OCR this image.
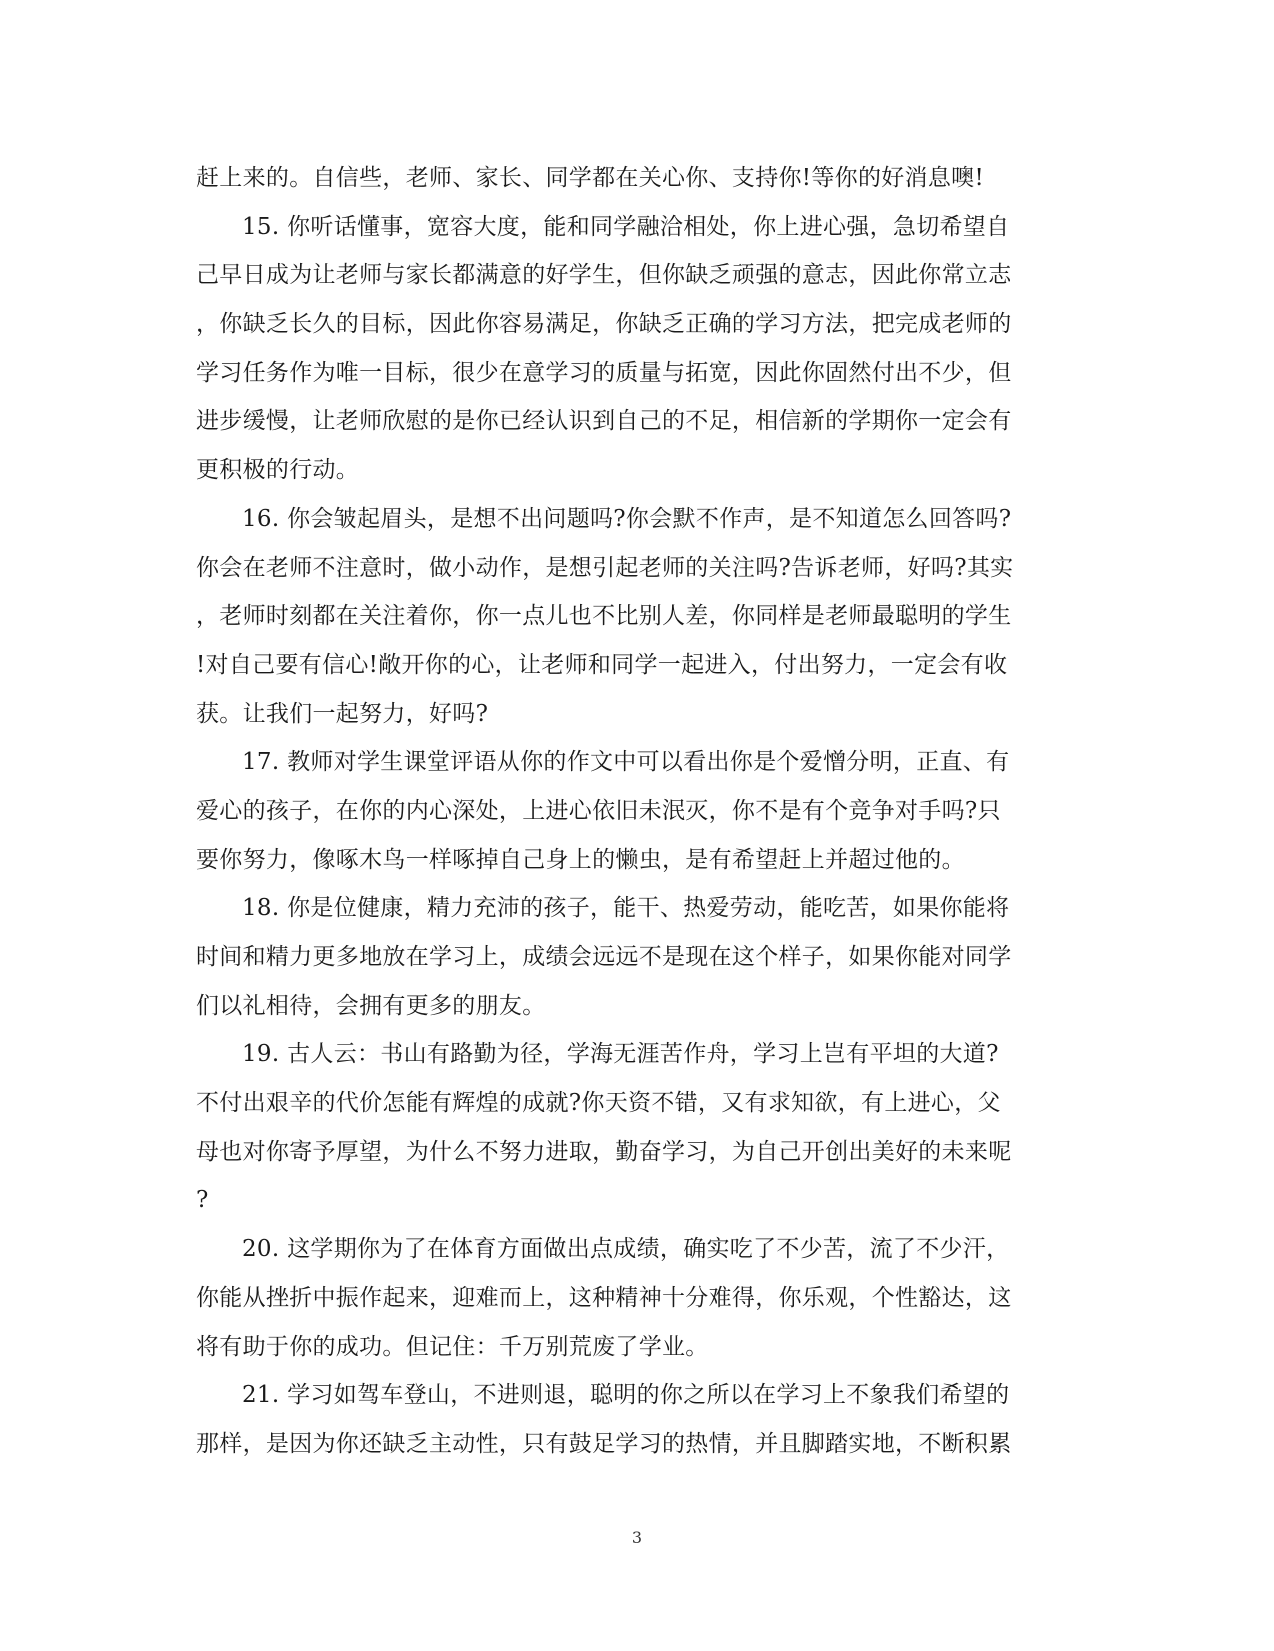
赶上来的。自信些，老师、家长、同学都在关心你、支持你!等你的好消息噢!
15. 你听话懂事，宽容大度，能和同学融洽相处，你上进心强，急切希望自
己早日成为让老师与家长都满意的好学生，但你缺乏顽强的意志，因此你常立志
，你缺乏长久的目标，因此你容易满足，你缺乏正确的学习方法，把完成老师的
学习任务作为唯一目标，很少在意学习的质量与拓宽，因此你固然付出不少，但
进步缓慢，让老师欣慰的是你已经认识到自己的不足，相信新的学期你一定会有
更积极的行动。
16. 你会皱起眉头，是想不出问题吗?你会默不作声，是不知道怎么回答吗?
你会在老师不注意时，做小动作，是想引起老师的关注吗?告诉老师，好吗?其实
，老师时刻都在关注着你，你一点儿也不比别人差，你同样是老师最聪明的学生
!对自己要有信心!敞开你的心，让老师和同学一起进入，付出努力，一定会有收
获。让我们一起努力，好吗?
17. 教师对学生课堂评语从你的作文中可以看出你是个爱憎分明，正直、有
爱心的孩子，在你的内心深处，上进心依旧未泯灭，你不是有个竞争对手吗?只
要你努力，像啄木鸟一样啄掉自己身上的懒虫，是有希望赶上并超过他的。
18. 你是位健康，精力充沛的孩子，能干、热爱劳动，能吃苦，如果你能将
时间和精力更多地放在学习上，成绩会远远不是现在这个样子，如果你能对同学
们以礼相待，会拥有更多的朋友。
19. 古人云：书山有路勤为径，学海无涯苦作舟，学习上岂有平坦的大道?
不付出艰辛的代价怎能有辉煌的成就?你天资不错，又有求知欲，有上进心，父
母也对你寄予厚望，为什么不努力进取，勤奋学习，为自己开创出美好的未来呢
?
20. 这学期你为了在体育方面做出点成绩，确实吃了不少苦，流了不少汗，
你能从挫折中振作起来，迎难而上，这种精神十分难得，你乐观，个性豁达，这
将有助于你的成功。但记住：千万别荒废了学业。
21. 学习如驾车登山，不进则退，聪明的你之所以在学习上不象我们希望的
那样，是因为你还缺乏主动性，只有鼓足学习的热情，并且脚踏实地，不断积累
3
